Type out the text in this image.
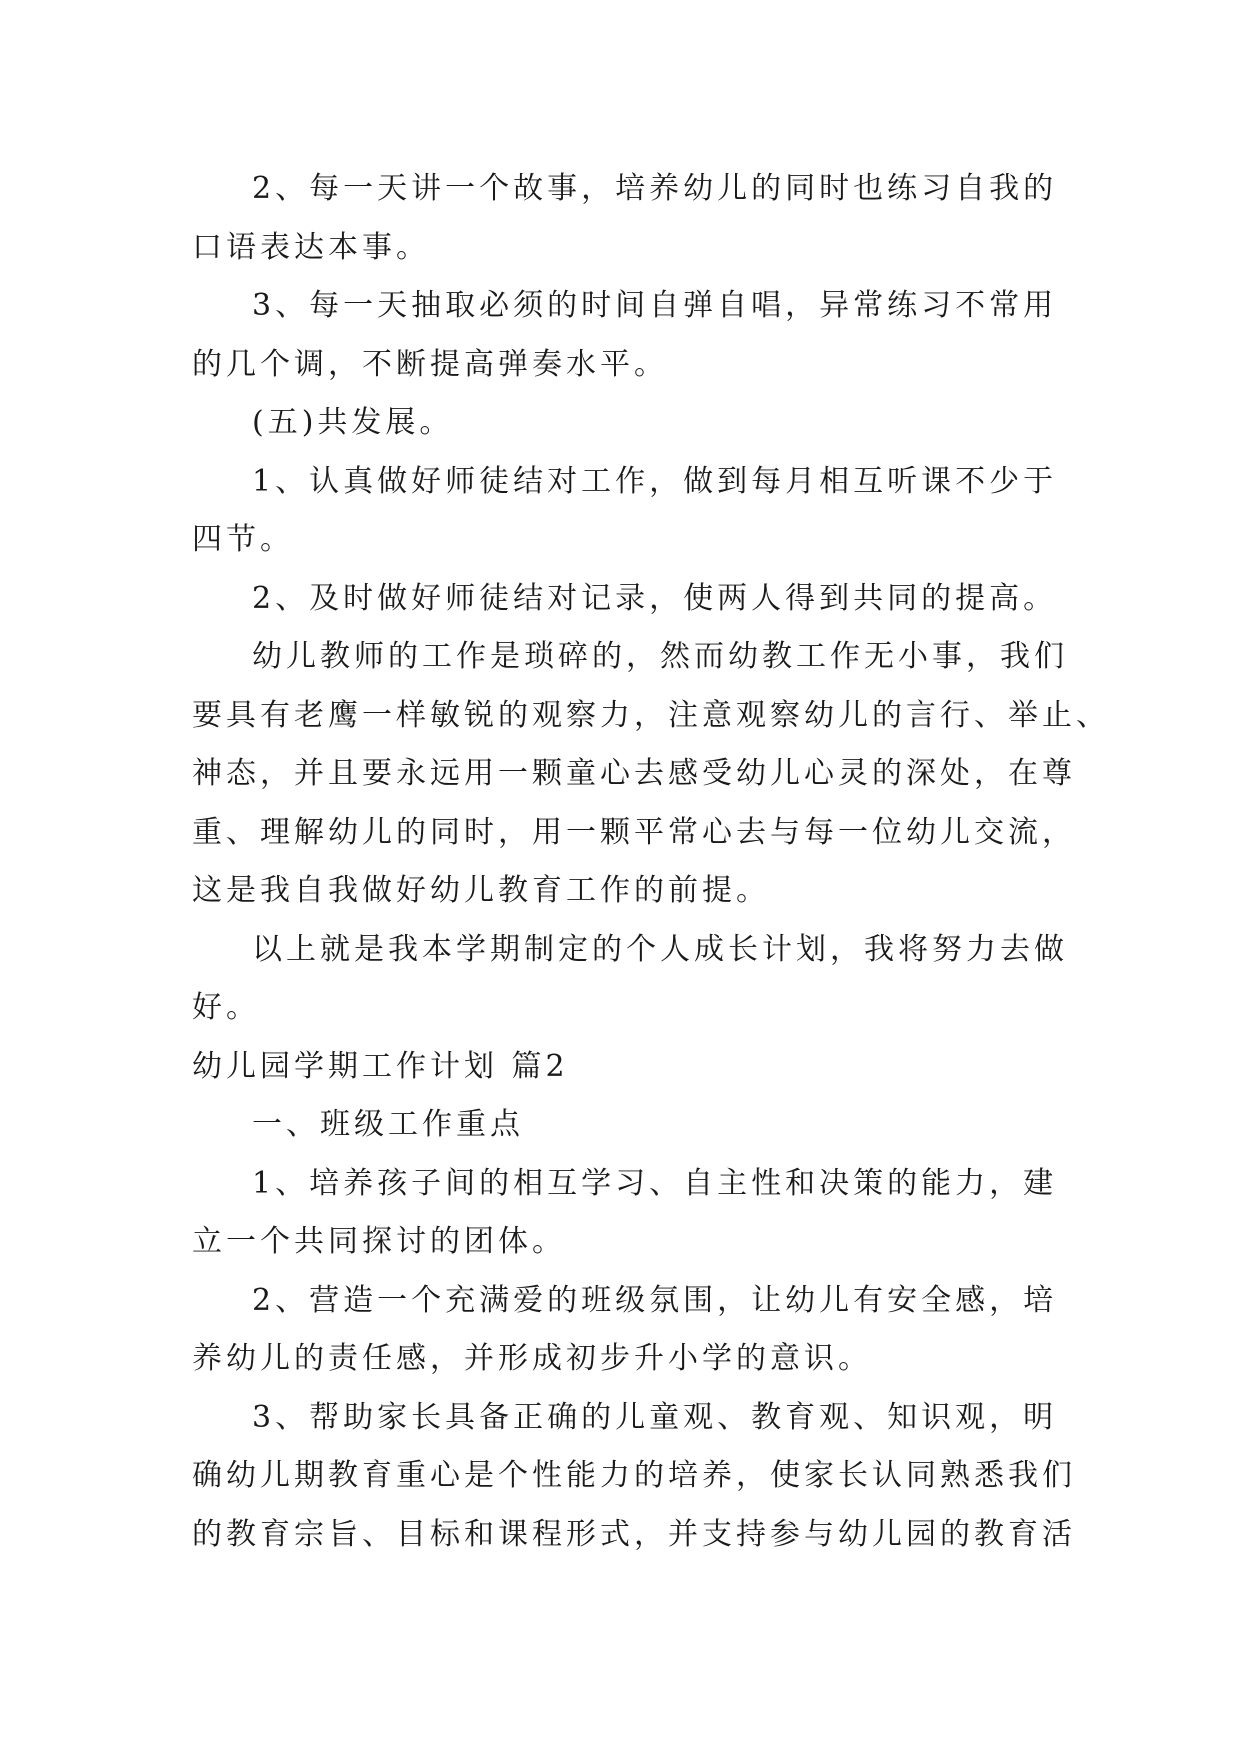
2、每一天讲一个故事，培养幼儿的同时也练习自我的
口语表达本事。
3、每一天抽取必须的时间自弹自唱，异常练习不常用
的几个调，不断提高弹奏水平。
(五)共发展。
1、认真做好师徒结对工作，做到每月相互听课不少于
四节。
2、及时做好师徒结对记录，使两人得到共同的提高。
幼儿教师的工作是琐碎的，然而幼教工作无小事，我们
要具有老鹰一样敏锐的观察力，注意观察幼儿的言行、举止、
神态，并且要永远用一颗童心去感受幼儿心灵的深处，在尊
重、理解幼儿的同时，用一颗平常心去与每一位幼儿交流，
这是我自我做好幼儿教育工作的前提。
以上就是我本学期制定的个人成长计划，我将努力去做
好。
幼儿园学期工作计划 篇2
一、班级工作重点
1、培养孩子间的相互学习、自主性和决策的能力，建
立一个共同探讨的团体。
2、营造一个充满爱的班级氛围，让幼儿有安全感，培
养幼儿的责任感，并形成初步升小学的意识。
3、帮助家长具备正确的儿童观、教育观、知识观，明
确幼儿期教育重心是个性能力的培养，使家长认同熟悉我们
的教育宗旨、目标和课程形式，并支持参与幼儿园的教育活
